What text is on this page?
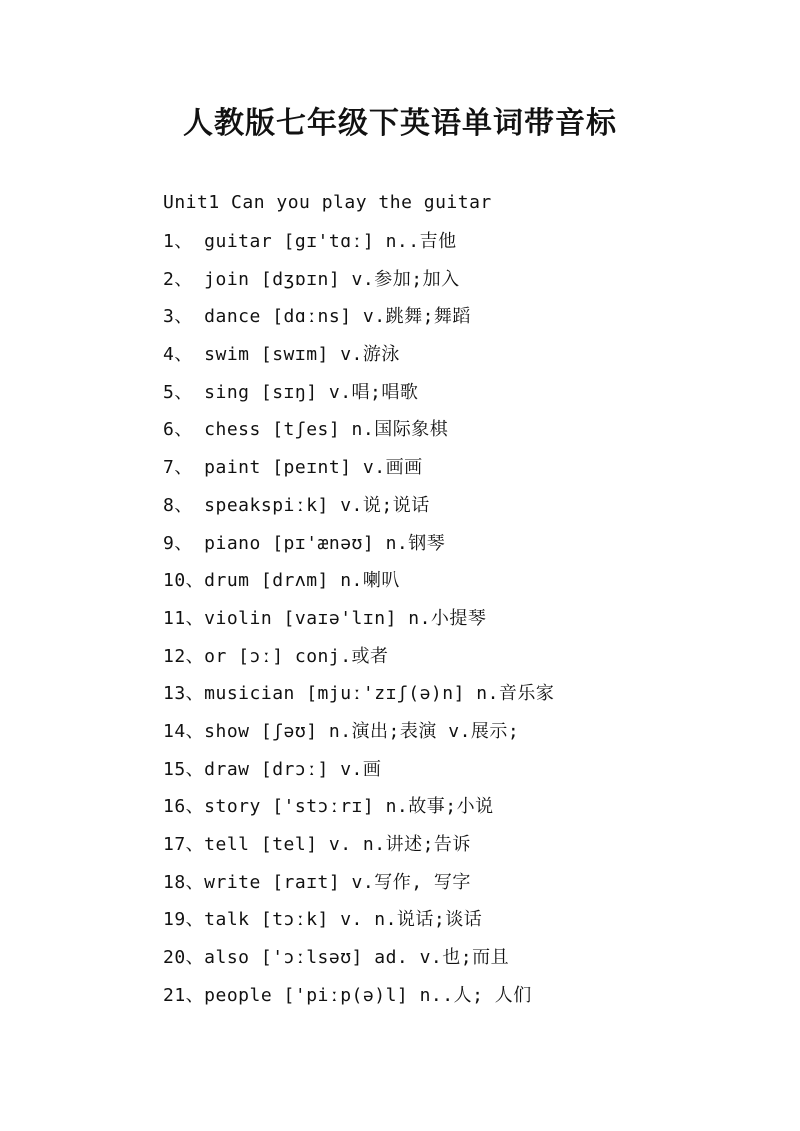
人教版七年级下英语单词带音标
Unit1 Can you play the guitar
1、 guitar [gɪ'tɑː] n..吉他
2、 join [dʒɒɪn] v.参加;加入
3、 dance [dɑːns] v.跳舞;舞蹈
4、 swim [swɪm] v.游泳
5、 sing [sɪŋ] v.唱;唱歌
6、 chess [tʃes] n.国际象棋
7、 paint [peɪnt] v.画画
8、 speakspiːk] v.说;说话
9、 piano [pɪ'ænəʊ] n.钢琴
10、drum [drʌm] n.喇叭
11、violin [vaɪə'lɪn] n.小提琴
12、or [ɔː] conj.或者
13、musician [mjuː'zɪʃ(ə)n] n.音乐家
14、show [ʃəʊ] n.演出;表演 v.展示;
15、draw [drɔː] v.画
16、story ['stɔːrɪ] n.故事;小说
17、tell [tel] v. n.讲述;告诉
18、write [raɪt] v.写作, 写字
19、talk [tɔːk] v. n.说话;谈话
20、also ['ɔːlsəʊ] ad. v.也;而且
21、people ['piːp(ə)l] n..人; 人们
